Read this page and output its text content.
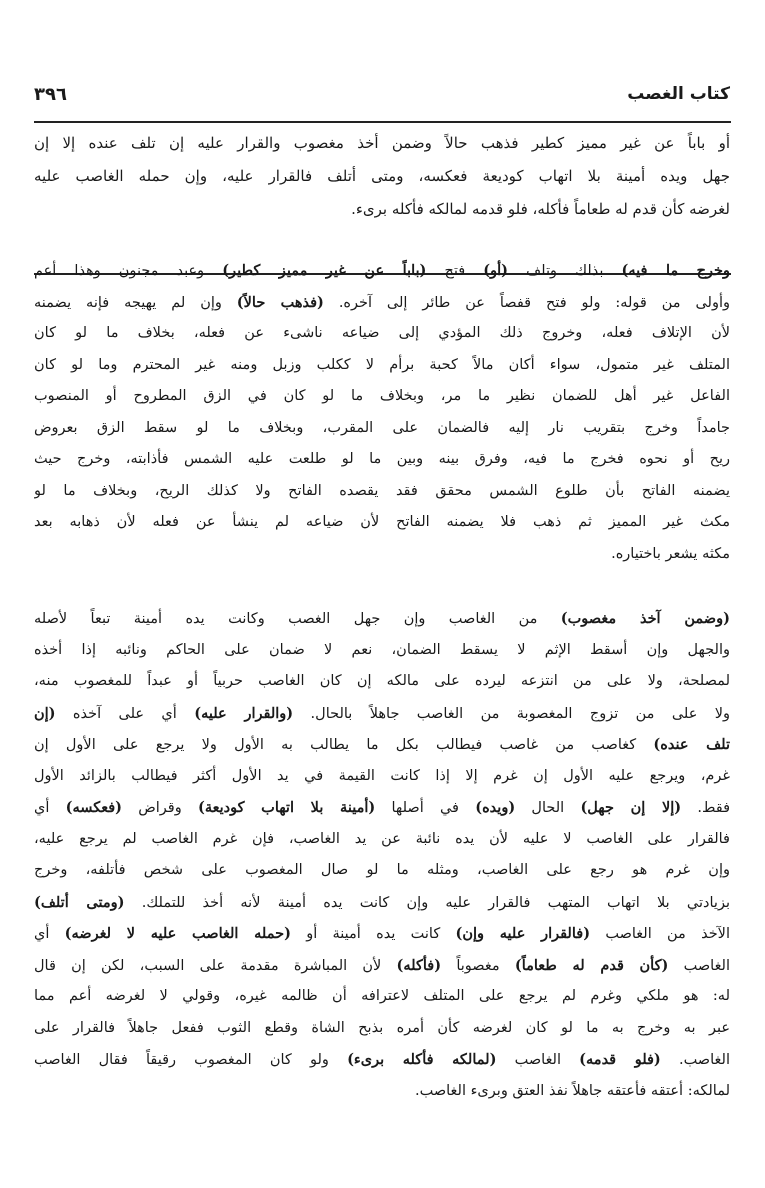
كتاب الغصب
٣٩٦
أو باباً عن غير مميز كطير فذهب حالاً وضمن أخذ مغصوب والقرار عليه إن تلف عنده إلا إن
جهل ويده أمينة بلا اتهاب كوديعة فعكسه، ومتى أتلف فالقرار عليه، وإن حمله الغاصب عليه
لغرضه كأن قدم له طعاماً فأكله، فلو قدمه لمالكه فأكله برىء.
وخرج ما فيه) بذلك وتلف (أو) فتح (باباً عن غير مميز كطير) وعبد مجنون وهذا أعم
وأولى من قوله: ولو فتح قفصاً عن طائر إلى آخره. (فذهب حالاً) وإن لم يهيجه فإنه يضمنه
لأن الإتلاف فعله، وخروج ذلك المؤدي إلى ضياعه ناشىء عن فعله، بخلاف ما لو كان
المتلف غير متمول، سواء أكان مالاً كحبة برأم لا ككلب وزبل ومنه غير المحترم وما لو كان
الفاعل غير أهل للضمان نظير ما مر، وبخلاف ما لو كان في الزق المطروح أو المنصوب
جامداً وخرج بتقريب نار إليه فالضمان على المقرب، وبخلاف ما لو سقط الزق بعروض
ريح أو نحوه فخرج ما فيه، وفرق بينه وبين ما لو طلعت عليه الشمس فأذابته، وخرج حيث
يضمنه الفاتح بأن طلوع الشمس محقق فقد يقصده الفاتح ولا كذلك الريح، وبخلاف ما لو
مكث غير المميز ثم ذهب فلا يضمنه الفاتح لأن ضياعه لم ينشأ عن فعله لأن ذهابه بعد
مكثه يشعر باختياره.
(وضمن آخذ مغصوب) من الغاصب وإن جهل الغصب وكانت يده أمينة تبعاً لأصله
والجهل وإن أسقط الإثم لا يسقط الضمان، نعم لا ضمان على الحاكم ونائبه إذا أخذه
لمصلحة، ولا على من انتزعه ليرده على مالكه إن كان الغاصب حربياً أو عبداً للمغصوب منه،
ولا على من تزوج المغصوبة من الغاصب جاهلاً بالحال. (والقرار عليه) أي على آخذه (إن
تلف عنده) كغاصب من غاصب فيطالب بكل ما يطالب به الأول ولا يرجع على الأول إن
غرم، ويرجع عليه الأول إن غرم إلا إذا كانت القيمة في يد الأول أكثر فيطالب بالزائد الأول
فقط. (إلا إن جهل) الحال (ويده) في أصلها (أمينة بلا اتهاب كوديعة) وقراض (فعكسه) أي
فالقرار على الغاصب لا عليه لأن يده نائبة عن يد الغاصب، فإن غرم الغاصب لم يرجع عليه،
وإن غرم هو رجع على الغاصب، ومثله ما لو صال المغصوب على شخص فأتلفه، وخرج
بزيادتي بلا اتهاب المتهب فالقرار عليه وإن كانت يده أمينة لأنه أخذ للتملك. (ومتى أتلف)
الآخذ من الغاصب (فالقرار عليه وإن) كانت يده أمينة أو (حمله الغاصب عليه لا لغرضه) أي
الغاصب (كأن قدم له طعاماً) مغصوباً (فأكله) لأن المباشرة مقدمة على السبب، لكن إن قال
له: هو ملكي وغرم لم يرجع على المتلف لاعترافه أن ظالمه غيره، وقولي لا لغرضه أعم مما
عبر به وخرج به ما لو كان لغرضه كأن أمره بذبح الشاة وقطع الثوب ففعل جاهلاً فالقرار على
الغاصب. (فلو قدمه) الغاصب (لمالكه فأكله برىء) ولو كان المغصوب رقيقاً فقال الغاصب
لمالكه: أعتقه فأعتقه جاهلاً نفذ العتق وبرىء الغاصب.
